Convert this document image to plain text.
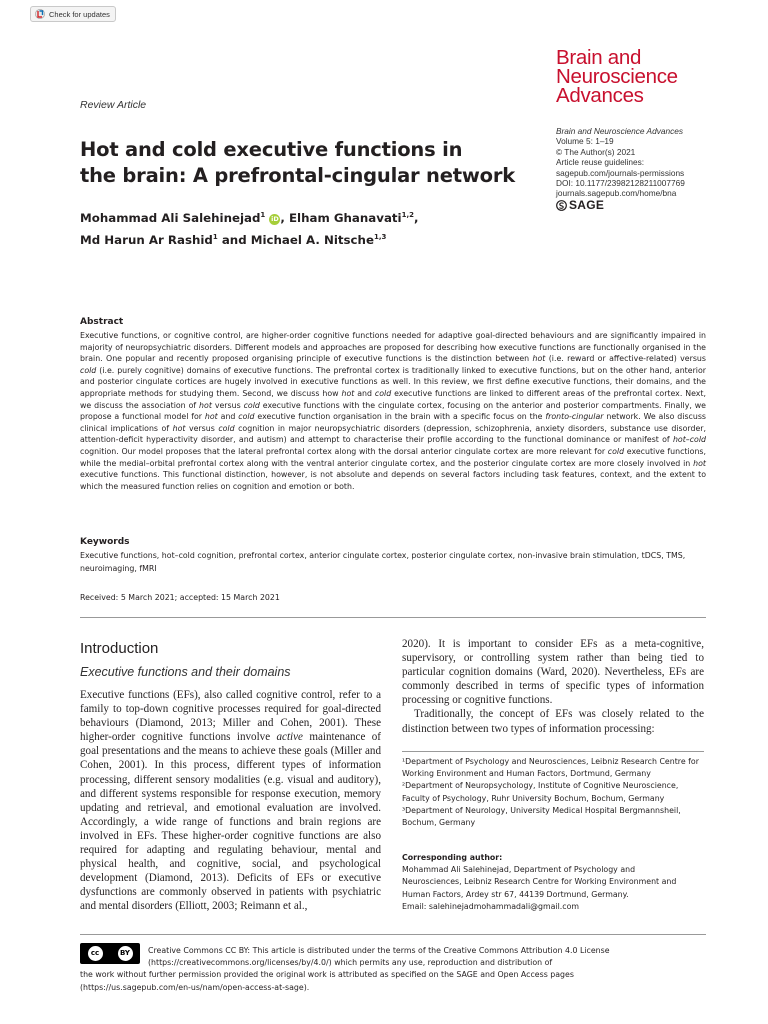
Check for updates
Brain and
Neuroscience
Advances
Review Article
Brain and Neuroscience Advances
Volume 5: 1–19
© The Author(s) 2021
Article reuse guidelines:
sagepub.com/journals-permissions
DOI: 10.1177/23982128211007769
journals.sagepub.com/home/bna
SAGE
Hot and cold executive functions in
the brain: A prefrontal-cingular network
Mohammad Ali Salehinejad$^1$ iD , Elham Ghanavati$^{1,2}$,
Md Harun Ar Rashid$^1$ and Michael A. Nitsche$^{1,3}$
Abstract

Executive functions, or cognitive control, are higher-order cognitive functions needed for adaptive goal-directed behaviours and are significantly impaired in majority of neuropsychiatric disorders. Different models and approaches are proposed for describing how executive functions are functionally organised in the brain. One popular and recently proposed organising principle of executive functions is the distinction between hot (i.e. reward or affective-related) versus cold (i.e. purely cognitive) domains of executive functions. The prefrontal cortex is traditionally linked to executive functions, but on the other hand, anterior and posterior cingulate cortices are hugely involved in executive functions as well. In this review, we first define executive functions, their domains, and the appropriate methods for studying them. Second, we discuss how hot and cold executive functions are linked to different areas of the prefrontal cortex. Next, we discuss the association of hot versus cold executive functions with the cingulate cortex, focusing on the anterior and posterior compartments. Finally, we propose a functional model for hot and cold executive function organisation in the brain with a specific focus on the fronto-cingular network. We also discuss clinical implications of hot versus cold cognition in major neuropsychiatric disorders (depression, schizophrenia, anxiety disorders, substance use disorder, attention-deficit hyperactivity disorder, and autism) and attempt to characterise their profile according to the functional dominance or manifest of hot–cold cognition. Our model proposes that the lateral prefrontal cortex along with the dorsal anterior cingulate cortex are more relevant for cold executive functions, while the medial–orbital prefrontal cortex along with the ventral anterior cingulate cortex, and the posterior cingulate cortex are more closely involved in hot executive functions. This functional distinction, however, is not absolute and depends on several factors including task features, context, and the extent to which the measured function relies on cognition and emotion or both.

Keywords
Executive functions, hot–cold cognition, prefrontal cortex, anterior cingulate cortex, posterior cingulate cortex, non-invasive brain stimulation, tDCS, TMS, neuroimaging, fMRI
Received: 5 March 2021; accepted: 15 March 2021
Introduction
Executive functions and their domains

Executive functions (EFs), also called cognitive control, refer to a family to top-down cognitive processes required for goal-directed behaviours (Diamond, 2013; Miller and Cohen, 2001). These higher-order cognitive functions involve active maintenance of goal presentations and the means to achieve these goals (Miller and Cohen, 2001). In this process, different types of information processing, different sensory modalities (e.g. visual and auditory), and different systems responsible for response execution, memory updating and retrieval, and emotional evaluation are involved. Accordingly, a wide range of functions and brain regions are involved in EFs. These higher-order cognitive functions are also required for adapting and regulating behaviour, mental and physical health, and cognitive, social, and psychological development (Diamond, 2013). Deficits of EFs or executive dysfunctions are commonly observed in patients with psychiatric and mental disorders (Elliott, 2003; Reimann et al.,

2020). It is important to consider EFs as a meta-cognitive, supervisory, or controlling system rather than being tied to particular cognition domains (Ward, 2020). Nevertheless, EFs are commonly described in terms of specific types of information processing or cognitive functions.

Traditionally, the concept of EFs was closely related to the distinction between two types of information processing:

¹Department of Psychology and Neurosciences, Leibniz Research Centre for Working Environment and Human Factors, Dortmund, Germany

²Department of Neuropsychology, Institute of Cognitive Neuroscience, Faculty of Psychology, Ruhr University Bochum, Bochum, Germany

³Department of Neurology, University Medical Hospital Bergmannsheil, Bochum, Germany

Corresponding author:

Mohammad Ali Salehinejad, Department of Psychology and

Neurosciences, Leibniz Research Centre for Working Environment and

Human Factors, Ardey str 67, 44139 Dortmund, Germany.

Email: salehinejadmohammadali@gmail.com

cc	BY	Creative Commons CC BY: This article is distributed under the terms of the Creative Commons Attribution 4.0 License
(https://creativecommons.org/licenses/by/4.0/) which permits any use, reproduction and distribution of
the work without further permission provided the original work is attributed as specified on the SAGE and Open Access pages
(https://us.sagepub.com/en-us/nam/open-access-at-sage).
